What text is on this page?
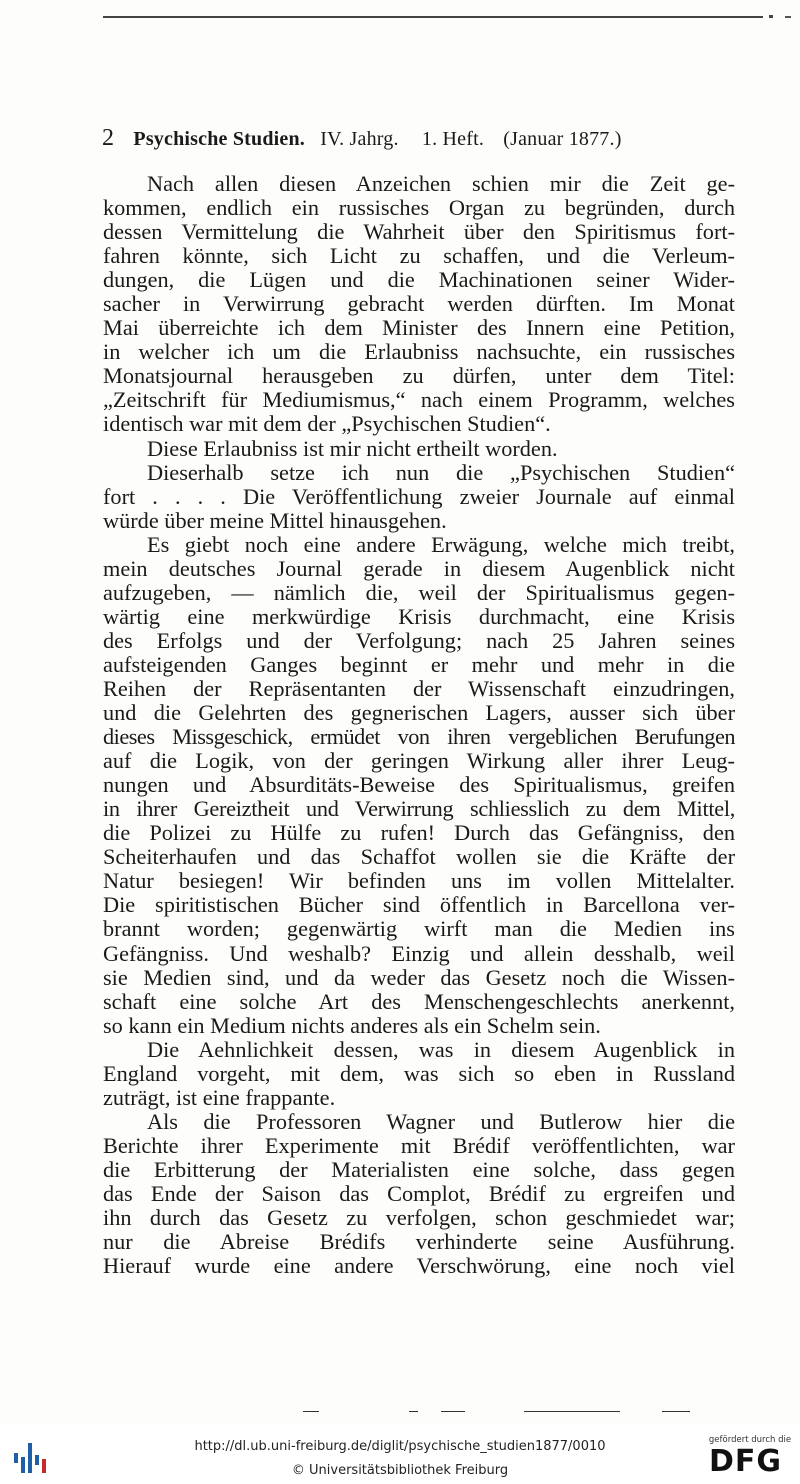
2 Psychische Studien. IV. Jahrg. 1. Heft. (Januar 1877.)
Nach allen diesen Anzeichen schien mir die Zeit ge-
kommen, endlich ein russisches Organ zu begründen, durch
dessen Vermittelung die Wahrheit über den Spiritismus fort-
fahren könnte, sich Licht zu schaffen, und die Verleum-
dungen, die Lügen und die Machinationen seiner Wider-
sacher in Verwirrung gebracht werden dürften. Im Monat
Mai überreichte ich dem Minister des Innern eine Petition,
in welcher ich um die Erlaubniss nachsuchte, ein russisches
Monatsjournal herausgeben zu dürfen, unter dem Titel:
„Zeitschrift für Mediumismus,“ nach einem Programm, welches
identisch war mit dem der „Psychischen Studien“.
Diese Erlaubniss ist mir nicht ertheilt worden.
Dieserhalb setze ich nun die „Psychischen Studien“
fort . . . . Die Veröffentlichung zweier Journale auf einmal
würde über meine Mittel hinausgehen.
Es giebt noch eine andere Erwägung, welche mich treibt,
mein deutsches Journal gerade in diesem Augenblick nicht
aufzugeben, — nämlich die, weil der Spiritualismus gegen-
wärtig eine merkwürdige Krisis durchmacht, eine Krisis
des Erfolgs und der Verfolgung; nach 25 Jahren seines
aufsteigenden Ganges beginnt er mehr und mehr in die
Reihen der Repräsentanten der Wissenschaft einzudringen,
und die Gelehrten des gegnerischen Lagers, ausser sich über
dieses Missgeschick, ermüdet von ihren vergeblichen Berufungen
auf die Logik, von der geringen Wirkung aller ihrer Leug-
nungen und Absurditäts-Beweise des Spiritualismus, greifen
in ihrer Gereiztheit und Verwirrung schliesslich zu dem Mittel,
die Polizei zu Hülfe zu rufen! Durch das Gefängniss, den
Scheiterhaufen und das Schaffot wollen sie die Kräfte der
Natur besiegen! Wir befinden uns im vollen Mittelalter.
Die spiritistischen Bücher sind öffentlich in Barcellona ver-
brannt worden; gegenwärtig wirft man die Medien ins
Gefängniss. Und weshalb? Einzig und allein desshalb, weil
sie Medien sind, und da weder das Gesetz noch die Wissen-
schaft eine solche Art des Menschengeschlechts anerkennt,
so kann ein Medium nichts anderes als ein Schelm sein.
Die Aehnlichkeit dessen, was in diesem Augenblick in
England vorgeht, mit dem, was sich so eben in Russland
zuträgt, ist eine frappante.
Als die Professoren Wagner und Butlerow hier die
Berichte ihrer Experimente mit Brédif veröffentlichten, war
die Erbitterung der Materialisten eine solche, dass gegen
das Ende der Saison das Complot, Brédif zu ergreifen und
ihn durch das Gesetz zu verfolgen, schon geschmiedet war;
nur die Abreise Brédifs verhinderte seine Ausführung.
Hierauf wurde eine andere Verschwörung, eine noch viel
http://dl.ub.uni-freiburg.de/diglit/psychische_studien1877/0010
© Universitätsbibliothek Freiburg
gefördert durch die
DFG
